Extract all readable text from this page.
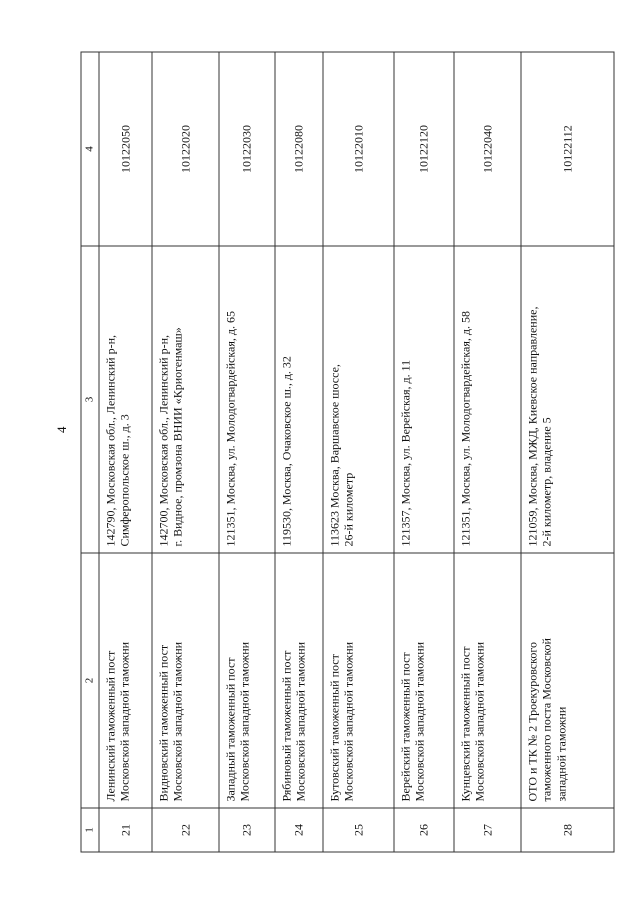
4
1	2	3	4
21	Ленинский таможенный пост Московской западной таможни	142790, Московская обл., Ленинский р-н, Симферопольское ш., д. 3	10122050
22	Видновский таможенный пост Московской западной таможни	142700, Московская обл., Ленинский р-н, г. Видное, промзона ВНИИ «Криогенмаш»	10122020
23	Западный таможенный пост Московской западной таможни	121351, Москва, ул. Молодогвардейская, д. 65	10122030
24	Рябиновый таможенный пост Московской западной таможни	119530, Москва, Очаковское ш., д. 32	10122080
25	Бутовский таможенный пост Московской западной таможни	113623 Москва, Варшавское шоссе, 26-й километр	10122010
26	Верейский таможенный пост Московской западной таможни	121357, Москва, ул. Верейская, д. 11	10122120
27	Кунцевский таможенный пост Московской западной таможни	121351, Москва, ул. Молодогвардейская, д. 58	10122040
28	ОТО и ТК № 2 Троекуровского таможенного поста Московской западной таможни	121059, Москва, МЖД, Киевское направление, 2-й километр, владение 5	10122112
